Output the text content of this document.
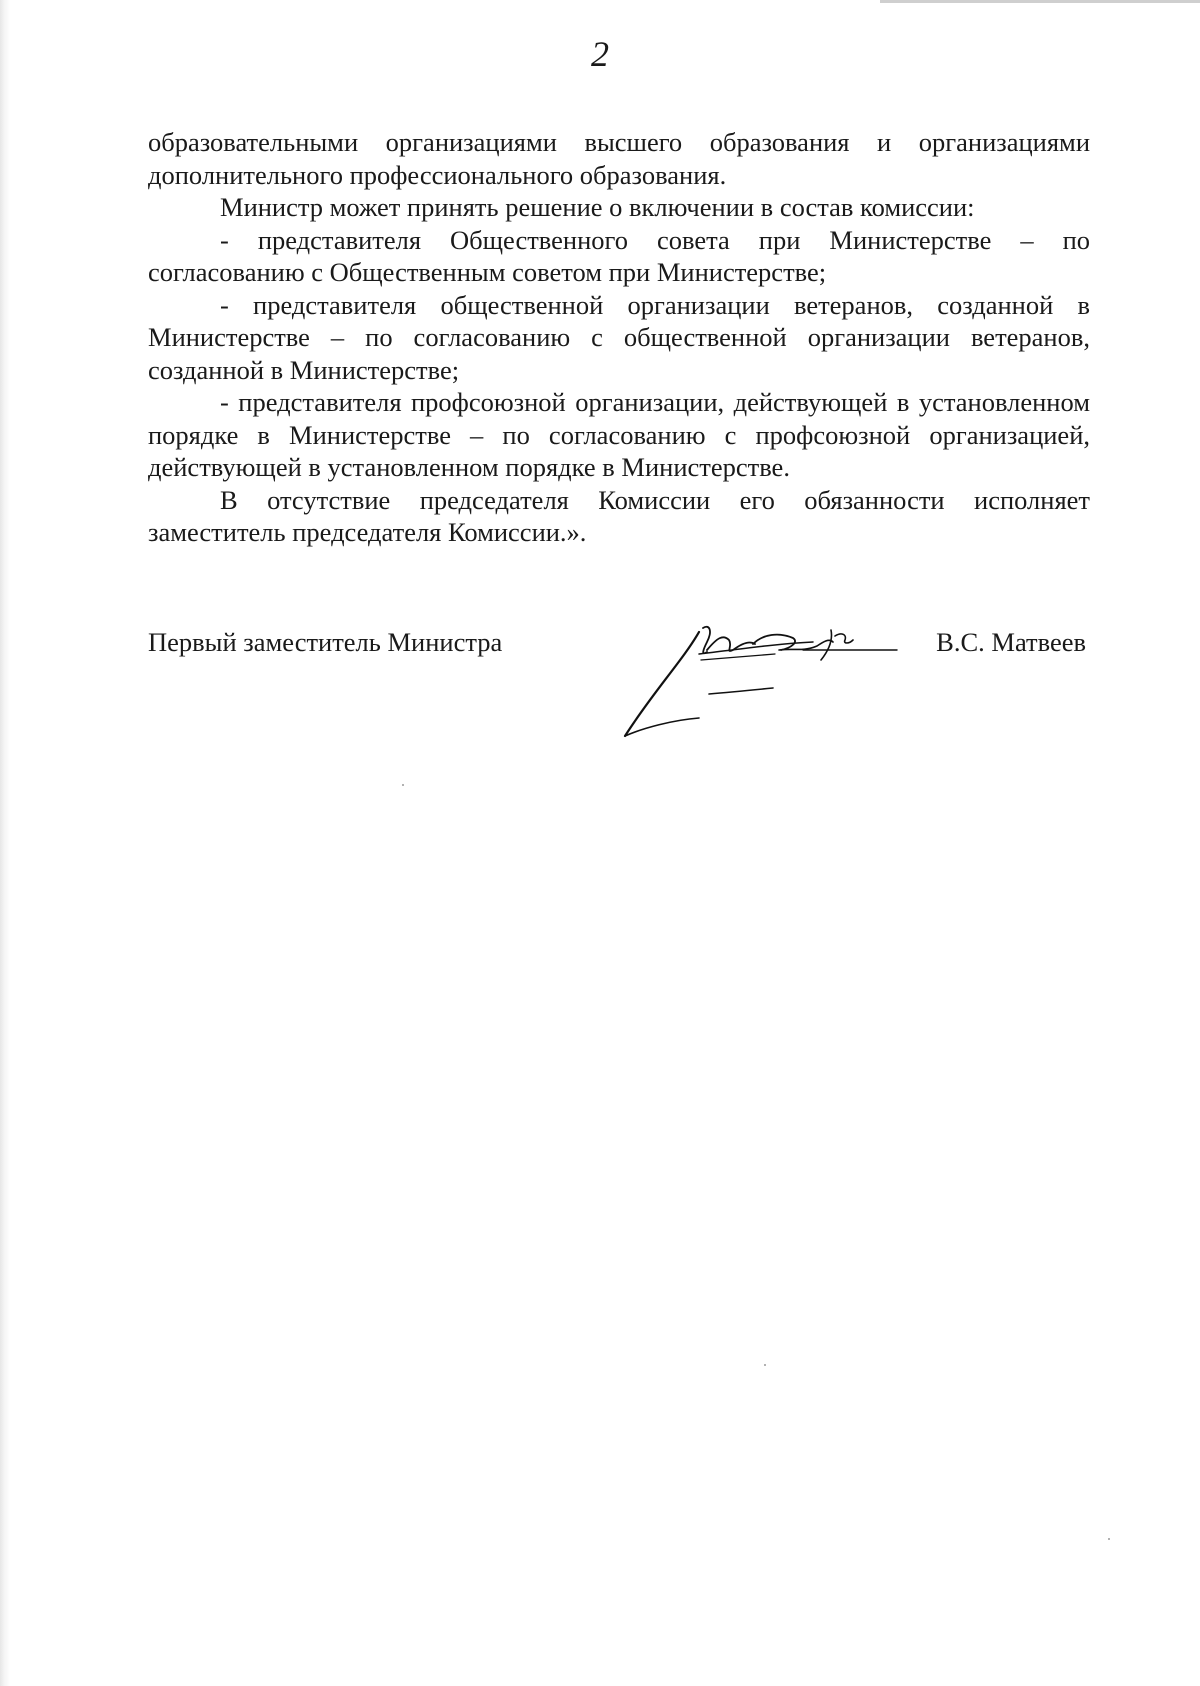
2

образовательными организациями высшего образования и организациями дополнительного профессионального образования.

Министр может принять решение о включении в состав комиссии:

- представителя Общественного совета при Министерстве – по согласованию с Общественным советом при Министерстве;

- представителя общественной организации ветеранов, созданной в Министерстве – по согласованию с общественной организации ветеранов, созданной в Министерстве;

- представителя профсоюзной организации, действующей в установленном порядке в Министерстве – по согласованию с профсоюзной организацией, действующей в установленном порядке в Министерстве.

В отсутствие председателя Комиссии его обязанности исполняет заместитель председателя Комиссии.».

Первый заместитель Министра	В.С. Матвеев
